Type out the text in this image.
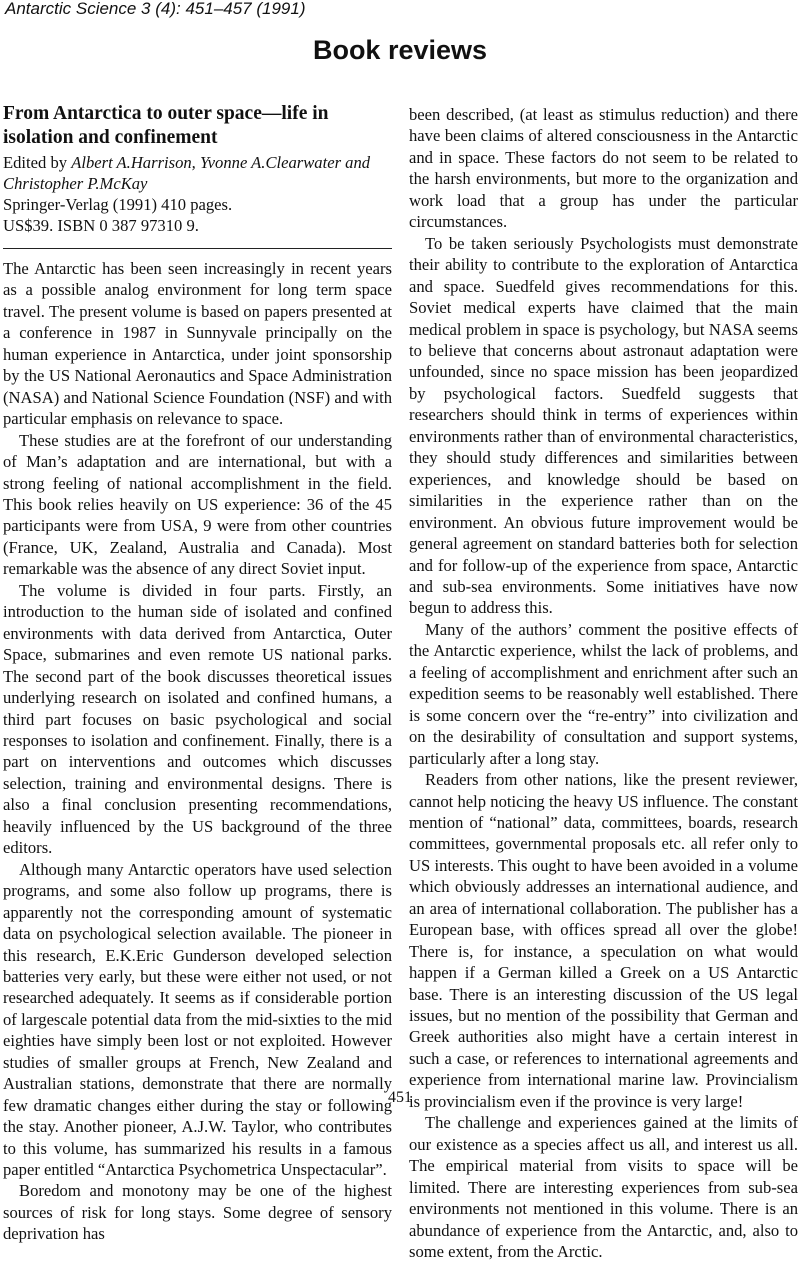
Antarctic Science 3 (4): 451–457 (1991)
Book reviews
From Antarctica to outer space—life in isolation and confinement
Edited by Albert A.Harrison, Yvonne A.Clearwater and Christopher P.McKay
Springer-Verlag (1991) 410 pages.
US$39. ISBN 0 387 97310 9.

The Antarctic has been seen increasingly in recent years as a possible analog environment for long term space travel. The present volume is based on papers presented at a conference in 1987 in Sunnyvale principally on the human experience in Antarctica, under joint sponsorship by the US National Aeronautics and Space Administration (NASA) and National Science Foundation (NSF) and with particular emphasis on relevance to space.

These studies are at the forefront of our understanding of Man’s adaptation and are international, but with a strong feeling of national accomplishment in the field. This book relies heavily on US experience: 36 of the 45 participants were from USA, 9 were from other countries (France, UK, Zealand, Australia and Canada). Most remarkable was the absence of any direct Soviet input.

The volume is divided in four parts. Firstly, an introduction to the human side of isolated and confined environments with data derived from Antarctica, Outer Space, submarines and even remote US national parks. The second part of the book discusses theoretical issues underlying research on isolated and confined humans, a third part focuses on basic psychological and social responses to isolation and confinement. Finally, there is a part on interventions and outcomes which discusses selection, training and environmental designs. There is also a final conclusion presenting recommendations, heavily influenced by the US background of the three editors.

Although many Antarctic operators have used selection programs, and some also follow up programs, there is apparently not the corresponding amount of systematic data on psychological selection available. The pioneer in this research, E.K.Eric Gunderson developed selection batteries very early, but these were either not used, or not researched adequately. It seems as if considerable portion of largescale potential data from the mid-sixties to the mid eighties have simply been lost or not exploited. However studies of smaller groups at French, New Zealand and Australian stations, demonstrate that there are normally few dramatic changes either during the stay or following the stay. Another pioneer, A.J.W. Taylor, who contributes to this volume, has summarized his results in a famous paper entitled “Antarctica Psychometrica Unspectacular”.

Boredom and monotony may be one of the highest sources of risk for long stays. Some degree of sensory deprivation has

been described, (at least as stimulus reduction) and there have been claims of altered consciousness in the Antarctic and in space. These factors do not seem to be related to the harsh environments, but more to the organization and work load that a group has under the particular circumstances.

To be taken seriously Psychologists must demonstrate their ability to contribute to the exploration of Antarctica and space. Suedfeld gives recommendations for this. Soviet medical experts have claimed that the main medical problem in space is psychology, but NASA seems to believe that concerns about astronaut adaptation were unfounded, since no space mission has been jeopardized by psychological factors. Suedfeld suggests that researchers should think in terms of experiences within environments rather than of environmental characteristics, they should study differences and similarities between experiences, and knowledge should be based on similarities in the experience rather than on the environment. An obvious future improvement would be general agreement on standard batteries both for selection and for follow-up of the experience from space, Antarctic and sub-sea environments. Some initiatives have now begun to address this.

Many of the authors’ comment the positive effects of the Antarctic experience, whilst the lack of problems, and a feeling of accomplishment and enrichment after such an expedition seems to be reasonably well established. There is some concern over the “re-entry” into civilization and on the desirability of consultation and support systems, particularly after a long stay.

Readers from other nations, like the present reviewer, cannot help noticing the heavy US influence. The constant mention of “national” data, committees, boards, research committees, governmental proposals etc. all refer only to US interests. This ought to have been avoided in a volume which obviously addresses an international audience, and an area of international collaboration. The publisher has a European base, with offices spread all over the globe! There is, for instance, a speculation on what would happen if a German killed a Greek on a US Antarctic base. There is an interesting discussion of the US legal issues, but no mention of the possibility that German and Greek authorities also might have a certain interest in such a case, or references to international agreements and experience from international marine law. Provincialism is provincialism even if the province is very large!

The challenge and experiences gained at the limits of our existence as a species affect us all, and interest us all. The empirical material from visits to space will be limited. There are interesting experiences from sub-sea environments not mentioned in this volume. There is an abundance of experience from the Antarctic, and, also to some extent, from the Arctic.

451
